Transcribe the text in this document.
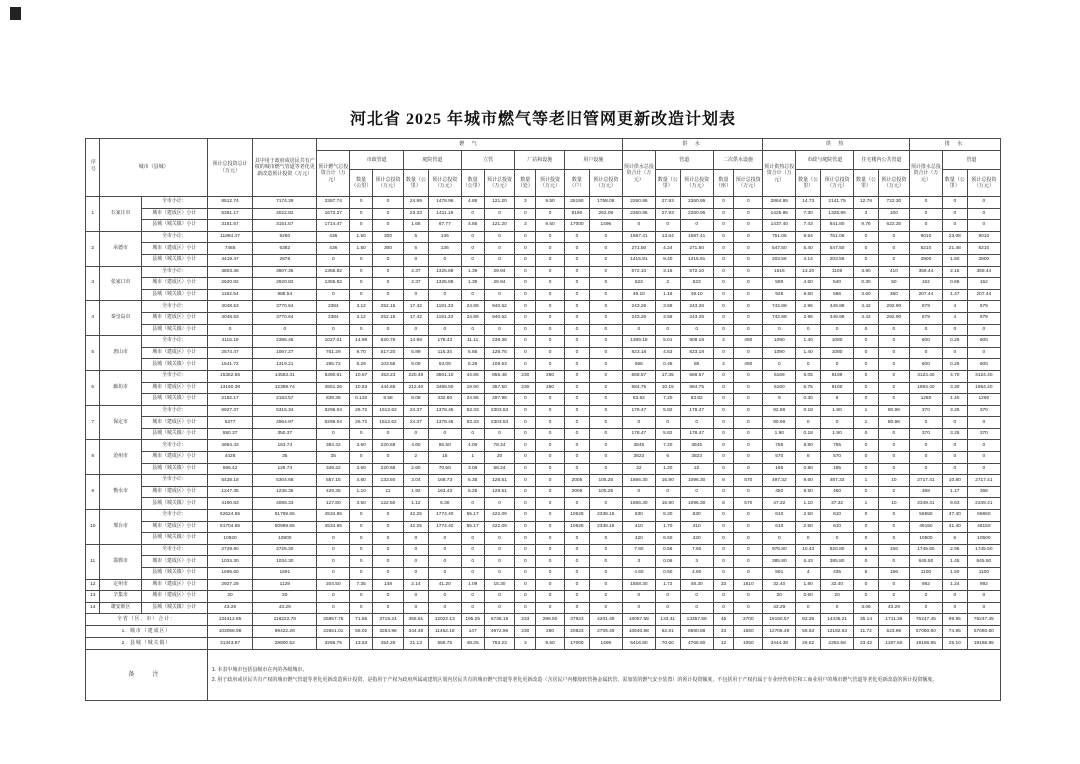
河北省 2025 年城市燃气等老旧管网更新改造计划表
序号	城市（县城）		预计总投资总计（万元）	其中用于政府或居民共有产权的城市燃气管道等老化更新改造预计投资（万元）	燃 气											供 水					供 热					排 水		
					预计燃气总投资合计（万元）	市政管道		庭院管道		立管		厂站和设施		用户设施		预计供水总投资合计（万元）	管道		二次供水设施		预计供热总投资合计（万元）	市政与庭院管道		住宅楼内公共管道		预计排水总投资合计（万元）	管道	
						数量（公里）	预计总投资（万元）	数量（公里）	预计总投资（万元）	数量（公里）	预计总投资（万元）	数量（处）	预计投资（万元）	数量（户）	预计总投资（万元）		数量（公里）	预计总投资（万元）	数量（座）	预计总投资（万元）		数量（公里）	预计总投资（万元）	数量（公里）	预计总投资（万元）		数量（公里）	预计总投资（万元）
1	石家庄市	全市小计：	8512.74	7174.39	3387.74	0	0	24.99	1478.96	4.85	121.20	3	9.50	25190	1758.08	2260.95	27.93	2260.95	0	0	2864.95	14.73	2141.75	12.76	722.30	0	0	0
		城市（建成区）小计	5361.17	4022.82	1673.27	0	0	23.33	1411.19	0	0	0	0	8190	262.08	2260.95	27.93	2260.95	0	0	1425.95	7.30	1325.95	3	100	0	0	0
		县城（城关镇）小计	3151.57	3151.57	1714.47	0	0	1.66	67.77	4.85	121.20	3	9.50	17000	1496	0	0	0	0	0	1437.40	7.43	841.80	9.76	622.30	0	0	0
2	承德市	全市小计：	11884.47	9260	436	1.50	300	5	136	0	0	0	0	0	0	1687.41	13.64	1687.41	0	0	751.06	9.54	751.06	0	0	9010	23.08	9010
		城市（建成区）小计	7465	6382	436	1.50	300	5	136	0	0	0	0	0	0	271.50	4.24	271.50	0	0	547.50	5.40	547.50	0	0	6210	21.48	6210
		县城（城关镇）小计	4419.47	2878	0	0	0	0	0	0	0	0	0	0	0	1415.91	9.40	1415.91	0	0	203.56	4.14	203.56	0	0	2800	1.60	2800
3	张家口市	全市小计：	3803.36	3607.36	1355.82	0	0	2.37	1325.88	1.39	29.94	0	0	0	0	572.10	3.16	572.10	0	0	1516	13.20	1106	3.90	410	359.44	2.15	359.44
		城市（建成区）小计	2620.82	2620.82	1355.82	0	0	2.37	1325.88	1.39	29.94	0	0	0	0	523	2	523	0	0	590	4.60	540	0.30	50	152	0.68	152
		县城（城关镇）小计	1182.54	986.54	0	0	0	0	0	0	0	0	0	0	0	49.10	1.16	49.10	0	0	926	8.60	566	3.60	360	207.44	1.47	207.44
4	秦皇岛市	全市小计：	4048.53	3770.64	2384	3.12	252.15	17.42	1191.33	24.89	940.52	0	0	0	0	243.26	3.58	243.26	0	0	742.88	2.96	449.98	4.42	292.90	679	4	679
		城市（建成区）小计	4048.53	3770.64	2384	3.12	252.15	17.42	1191.33	24.89	940.52	0	0	0	0	243.26	3.58	243.26	0	0	742.88	2.96	449.98	4.42	292.90	679	4	679
		县城（城关镇）小计	0	0	0	0	0	0	0	0	0	0	0	0	0	0	0	0	0	0	0	0	0	0	0	0	0	0
5	唐山市	全市小计：	4116.19	2386.48	1027.01	14.99	620.76	14.98	178.43	11.11	238.38	0	0	0	0	1389.18	5.01	909.18	4	480	1090	1.40	1080	0	0	600	0.25	600
		城市（建成区）小计	2574.47	1067.27	761.29	9.70	517.20	5.89	115.34	5.85	128.75	0	0	0	0	823.18	4.53	823.18	0	0	1090	1.40	1080	0	0	0	0	0
		县城（城关镇）小计	1541.72	1319.21	265.72	5.29	103.56	9.09	63.09	5.26	109.63	0	0	0	0	566	0.48	86	4	480	0	0	0	0	0	600	0.25	600
6	廊坊市	全市小计：	15352.55	14553.31	5390.61	10.67	453.23	220.48	3801.10	44.85	855.48	230	280	0	0	668.57	17.35	668.57	0	0	6169	6.05	6169	0	0	3124.40	4.70	3124.40
		城市（建成区）小计	13160.39	12369.74	4551.26	10.53	444.65	212.40	3468.50	19.90	357.50	230	280	0	0	584.75	10.15	584.75	0	0	6160	5.75	6160	0	0	1864.40	3.30	1864.40
		县城（城关镇）小计	2192.17	2183.57	839.35	0.132	8.58	8.08	332.60	24.95	497.98	0	0	0	0	83.82	7.20	83.82	0	0	9	0.30	9	0	0	1260	1.40	1260
7	保定市	全市小计：	6927.37	5315.34	6296.04	26.72	1612.62	24.37	1378.45	53.33	2303.53	0	0	0	0	178.47	5.82	178.47	0	0	82.86	0.18	1.90	1	80.96	370	3.25	370
		城市（建成区）小计	6377	4964.97	6296.04	26.72	1612.62	24.37	1378.45	53.33	2303.53	0	0	0	0	0	0	0	0	0	80.96	0	0	1	80.96	0	0	0
		县城（城关镇）小计	550.37	350.37	0	0	0	0	0	0	0	0	0	0	0	178.47	5.82	178.47	0	0	1.90	0.18	1.90	0	0	370	3.25	370
8	沧州市	全市小计：	4984.43	163.74	384.42	3.60	220.68	4.60	85.50	4.06	78.24	0	0	0	0	3845	7.20	3845	0	0	755	8.80	755	0	0	0	0	0
		城市（建成区）小计	4428	35	35	0	0	2	15	1	20	0	0	0	0	3823	6	3823	0	0	570	8	570	0	0	0	0	0
		县城（城关镇）小计	556.42	128.74	349.42	3.60	220.68	2.60	70.50	3.06	58.24	0	0	0	0	22	1.20	22	0	0	185	0.80	185	0	0	0	0	0
9	衡水市	全市小计：	5438.18	5304.68	557.15	4.60	133.50	3.04	168.73	5.35	128.51	0	0	2005	105.25	1666.30	16.90	1096.30	8	570	497.32	9.60	487.32	1	10	2717.41	10.80	2717.41
		城市（建成区）小计	1247.35	1236.35	429.35	1.10	11	1.92	163.43	5.25	128.51	0	0	2005	105.25	0	0	0	0	0	450	8.50	450	0	0	368	1.17	368
		县城（城关镇）小计	4190.83	4068.33	127.80	3.50	122.50	1.12	5.30	0	0	0	0	0	0	1666.30	16.90	1096.30	8	570	47.32	1.10	37.32	1	10	2349.41	9.63	2349.41
10	邢台市	全市小计：	62624.65	61769.65	4534.65	0	0	42.25	1774.40	55.17	422.09	0	0	10628	2338.16	830	8.20	830	0	0	610	2.50	610	0	0	56650	47.40	56650
		城市（建成区）小计	51704.65	50969.65	4534.65	0	0	42.25	1774.40	55.17	422.09	0	0	10628	2338.16	410	1.70	410	0	0	610	2.50	610	0	0	46150	41.40	46150
		县城（城关镇）小计	10920	10800	0	0	0	0	0	0	0	0	0	0	0	420	6.50	420	0	0	0	0	0	0	0	10500	6	10500
11	邯郸市	全市小计：	2729.90	2725.30	0	0	0	0	0	0	0	0	0	0	0	7.60	0.56	7.60	0	0	976.80	10.43	820.80	6	156	1745.50	2.95	1745.50
		城市（建成区）小计	1034.30	1034.30	0	0	0	0	0	0	0	0	0	0	0	3	0.06	3	0	0	385.80	6.43	385.80	0	0	645.50	1.45	645.50
		县城（城关镇）小计	1695.60	1691	0	0	0	0	0	0	0	0	0	0	0	4.60	0.50	4.60	0	0	591	4	435	6	156	1100	1.50	1100
12	定州市	城市（建成区）小计	2927.29	1129	204.50	7.35	148	2.14	41.20	1.09	15.30	0	0	0	0	1658.30	1.72	48.30	33	1610	32.40	1.80	32.40	0	0	992	1.24	992
13	辛集市	城市（建成区）小计	20	20	0	0	0	0	0	0	0	0	0	0	0	0	0	0	0	0	20	0.60	20	0	0	0	0	0
14	雄安新区	县城（城关镇）小计	43.29	43.29	0	0	0	0	0	0	0	0	0	0	0	0	0	0	0	0	43.29	0	0	3.06	43.29	0	0	0
全省（区、市）合计：			134412.85	118222.78	25957.75	71.55	3719.24	365.61	12022.13	195.25	5736.19	233	289.50	37823	4201.49	16057.68	133.41	13357.68	45	2700	16150.57	82.35	14435.21	35.14	1711.36	76247.45	99.95	76247.45
1. 城市（建成区）			103068.98	89422.26	22661.01	58.02	3264.98	344.48	11462.18	147	4972.96	230	280	20823	2705.49	10640.88	62.81	8590.88	33	1650	12705.49	55.53	12182.63	11.72	523.86	57060.60	74.85	57060.60
2. 县城（城关镇）			31343.87	28800.52	3296.75	13.53	454.26	21.13	559.75	48.25	763.23	3	9.50	17000	1496	5416.80	70.60	4766.80	12	1050	3444.38	26.52	2252.58	23.42	1187.50	19186.85	25.10	19186.85
备　注			1. 本表中城市包括县级市在内的各级城市。
2. 用于政府或居民共有产权的城市燃气管道等老化更新改造预计投资，是指用于产权为政府所属或建筑区划内居民共有的城市燃气管道等老化更新改造（含居民户内橡胶软管换金属软管、需加装的燃气安全装置）的预计投资额度，不包括用于产权归属于专业经营单位和工商业用户的城市燃气管道等老化更新改造的预计投资额度。																									
